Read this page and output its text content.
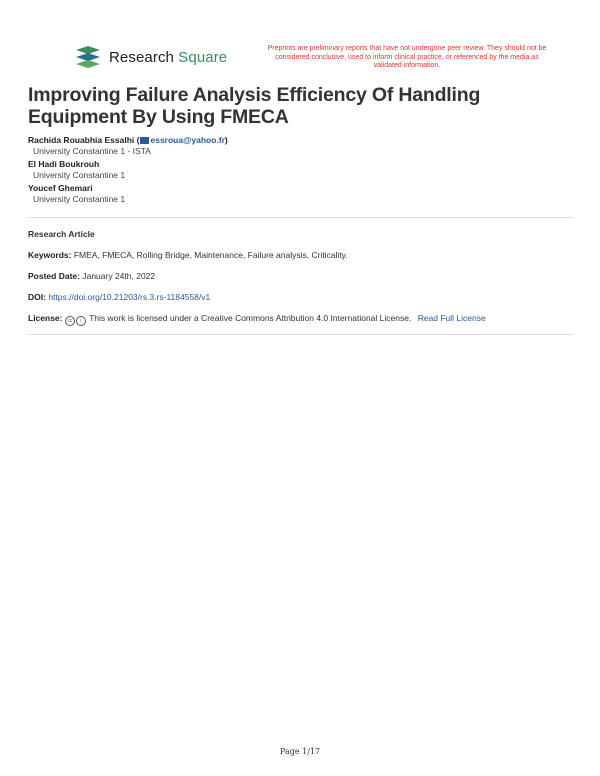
Research Square	Preprints are preliminary reports that have not undergone peer review. They should not be considered conclusive, used to inform clinical practice, or referenced by the media as validated information.
Improving Failure Analysis Efficiency Of Handling Equipment By Using FMECA
Rachida Rouabhia Essalhi ( essroua@yahoo.fr)
University Constantine 1 - ISTA
El Hadi Boukrouh
University Constantine 1
Youcef Ghemari
University Constantine 1
Research Article
Keywords: FMEA, FMECA, Rolling Bridge, Maintenance, Failure analysis, Criticality.
Posted Date: January 24th, 2022
DOI: https://doi.org/10.21203/rs.3.rs-1184558/v1
License: cc i This work is licensed under a Creative Commons Attribution 4.0 International License. Read Full License
Page 1/17
